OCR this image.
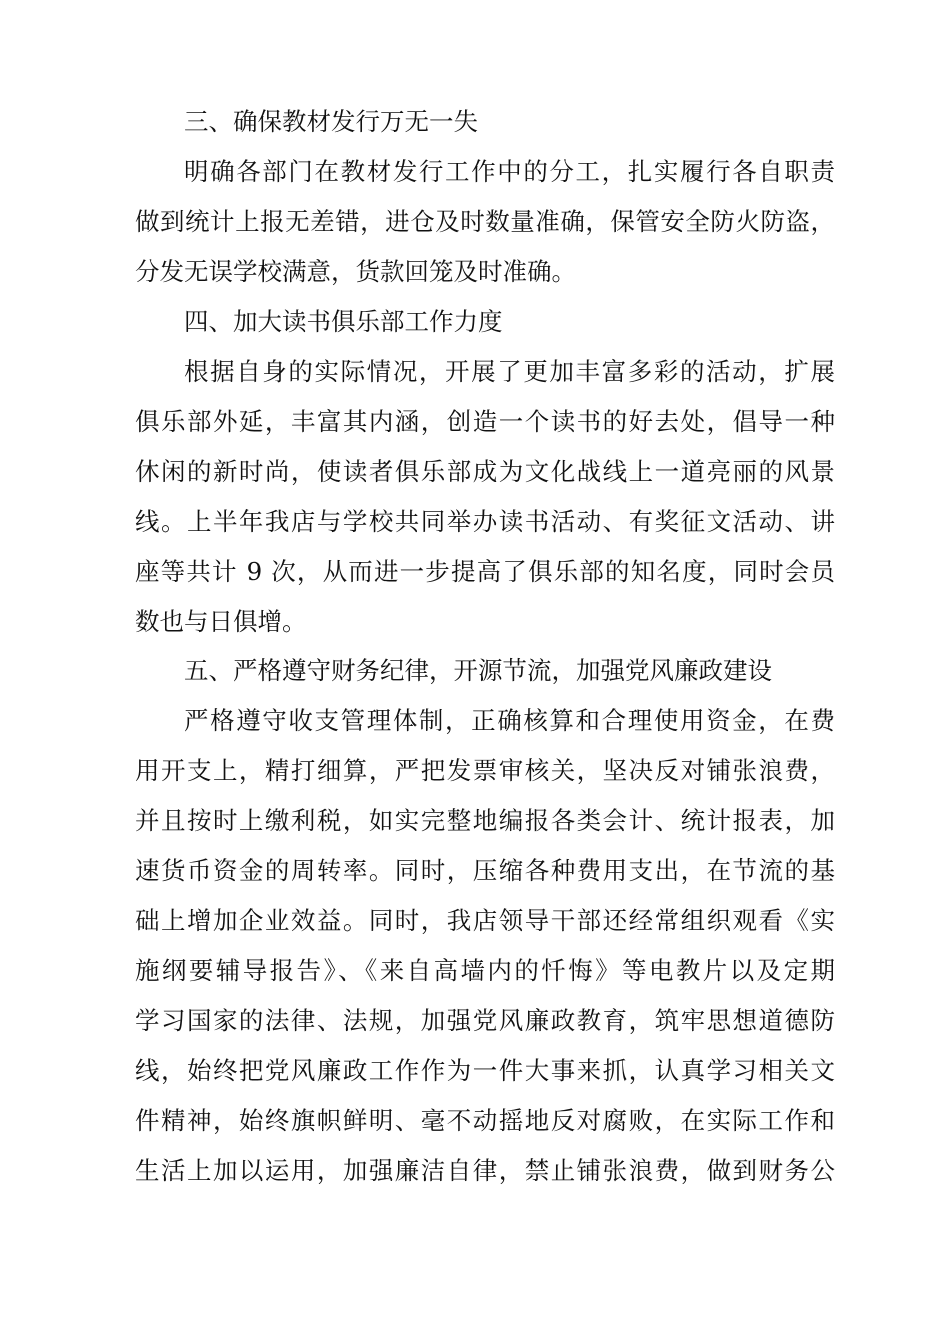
三、确保教材发行万无一失
明确各部门在教材发行工作中的分工，扎实履行各自职责
做到统计上报无差错，进仓及时数量准确，保管安全防火防盗，
分发无误学校满意，货款回笼及时准确。
四、加大读书俱乐部工作力度
根据自身的实际情况，开展了更加丰富多彩的活动，扩展
俱乐部外延，丰富其内涵，创造一个读书的好去处，倡导一种
休闲的新时尚，使读者俱乐部成为文化战线上一道亮丽的风景
线。上半年我店与学校共同举办读书活动、有奖征文活动、讲
座等共计 9 次，从而进一步提高了俱乐部的知名度，同时会员
数也与日俱增。
五、严格遵守财务纪律，开源节流，加强党风廉政建设
严格遵守收支管理体制，正确核算和合理使用资金，在费
用开支上，精打细算，严把发票审核关，坚决反对铺张浪费，
并且按时上缴利税，如实完整地编报各类会计、统计报表，加
速货币资金的周转率。同时，压缩各种费用支出，在节流的基
础上增加企业效益。同时，我店领导干部还经常组织观看《实
施纲要辅导报告》、《来自高墙内的忏悔》等电教片以及定期
学习国家的法律、法规，加强党风廉政教育，筑牢思想道德防
线，始终把党风廉政工作作为一件大事来抓，认真学习相关文
件精神，始终旗帜鲜明、毫不动摇地反对腐败，在实际工作和
生活上加以运用，加强廉洁自律，禁止铺张浪费，做到财务公
